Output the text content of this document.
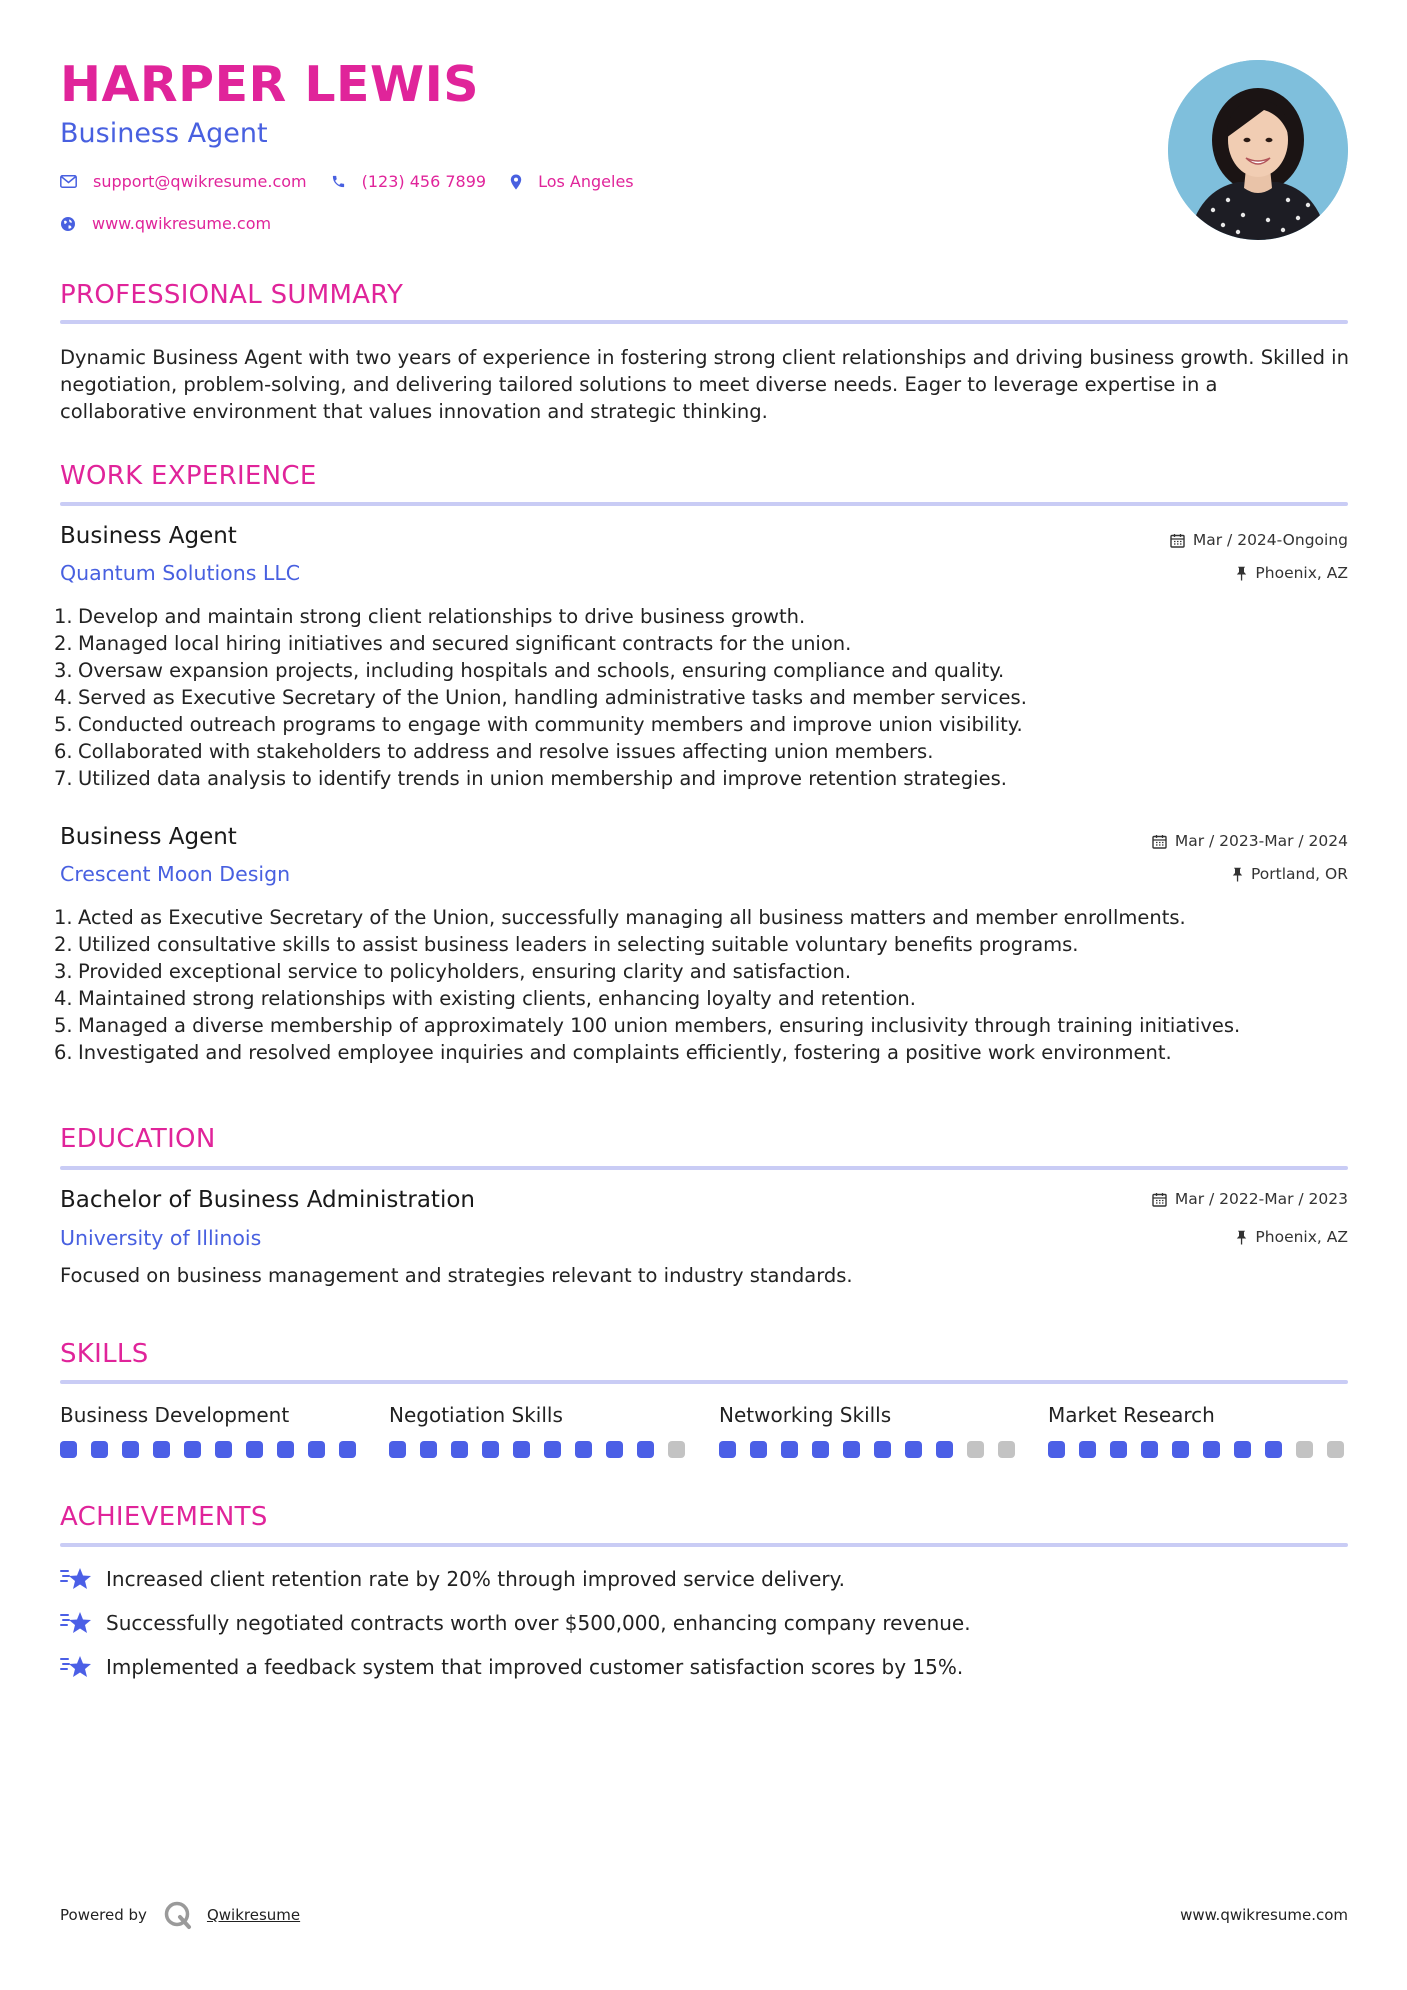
HARPER LEWIS
Business Agent
support@qwikresume.com	(123) 456 7899	Los Angeles
www.qwikresume.com
PROFESSIONAL SUMMARY
Dynamic Business Agent with two years of experience in fostering strong client relationships and driving business growth. Skilled in negotiation, problem-solving, and delivering tailored solutions to meet diverse needs. Eager to leverage expertise in a collaborative environment that values innovation and strategic thinking.
WORK EXPERIENCE
Business Agent
Quantum Solutions LLC
Mar / 2024-Ongoing
Phoenix, AZ
1. Develop and maintain strong client relationships to drive business growth.
2. Managed local hiring initiatives and secured significant contracts for the union.
3. Oversaw expansion projects, including hospitals and schools, ensuring compliance and quality.
4. Served as Executive Secretary of the Union, handling administrative tasks and member services.
5. Conducted outreach programs to engage with community members and improve union visibility.
6. Collaborated with stakeholders to address and resolve issues affecting union members.
7. Utilized data analysis to identify trends in union membership and improve retention strategies.
Business Agent
Crescent Moon Design
Mar / 2023-Mar / 2024
Portland, OR
1. Acted as Executive Secretary of the Union, successfully managing all business matters and member enrollments.
2. Utilized consultative skills to assist business leaders in selecting suitable voluntary benefits programs.
3. Provided exceptional service to policyholders, ensuring clarity and satisfaction.
4. Maintained strong relationships with existing clients, enhancing loyalty and retention.
5. Managed a diverse membership of approximately 100 union members, ensuring inclusivity through training initiatives.
6. Investigated and resolved employee inquiries and complaints efficiently, fostering a positive work environment.
EDUCATION
Bachelor of Business Administration
University of Illinois
Mar / 2022-Mar / 2023
Phoenix, AZ
Focused on business management and strategies relevant to industry standards.
SKILLS
Business Development	Negotiation Skills	Networking Skills	Market Research
ACHIEVEMENTS
Increased client retention rate by 20% through improved service delivery.
Successfully negotiated contracts worth over $500,000, enhancing company revenue.
Implemented a feedback system that improved customer satisfaction scores by 15%.
Powered by	Qwikresume	www.qwikresume.com
